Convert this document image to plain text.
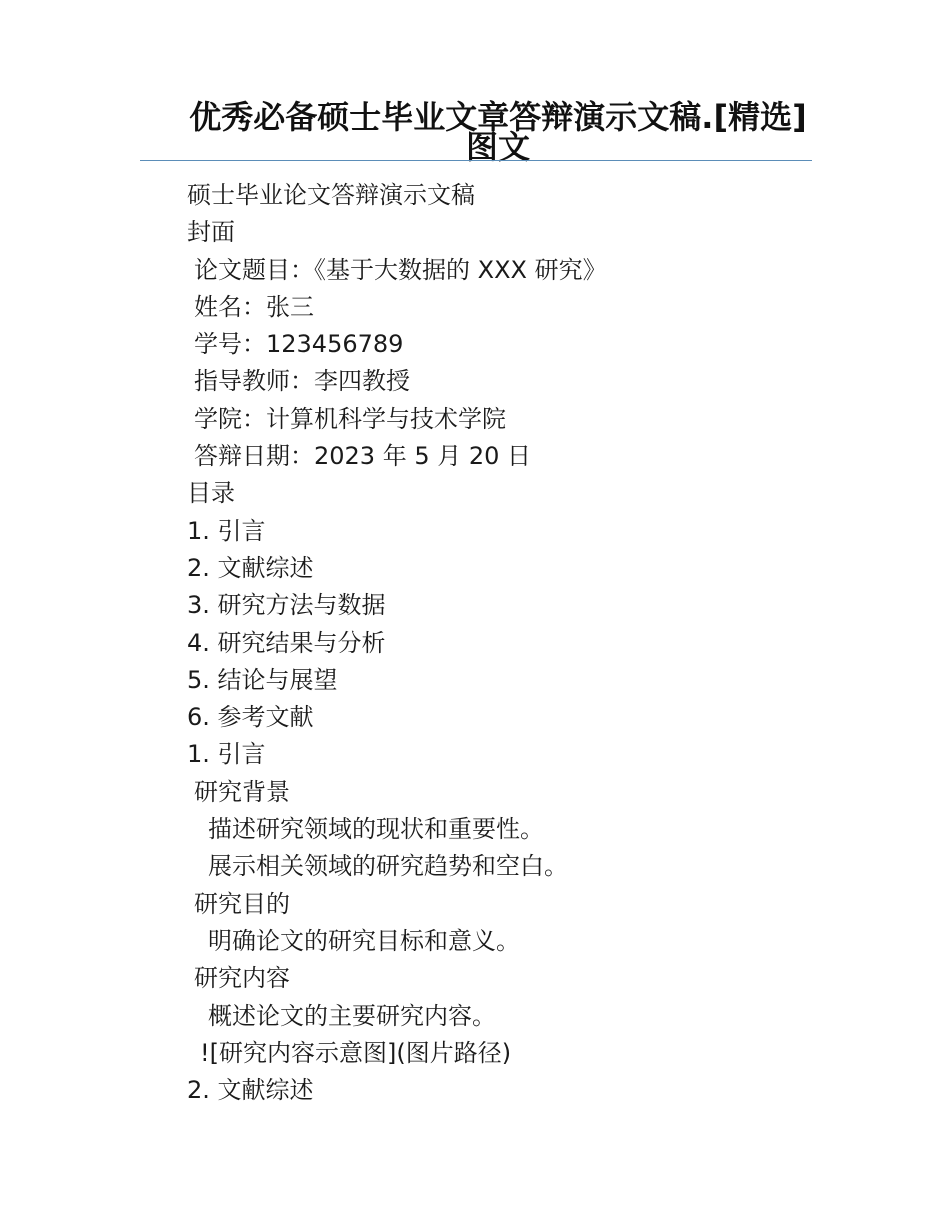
优秀必备硕士毕业文章答辩演示文稿.[精选]图文
硕士毕业论文答辩演示文稿
封面
论文题目：《基于大数据的 XXX 研究》
姓名：张三
学号：123456789
指导教师：李四教授
学院：计算机科学与技术学院
答辩日期：2023 年 5 月 20 日
目录
1. 引言
2. 文献综述
3. 研究方法与数据
4. 研究结果与分析
5. 结论与展望
6. 参考文献
1. 引言
研究背景
描述研究领域的现状和重要性。
展示相关领域的研究趋势和空白。
研究目的
明确论文的研究目标和意义。
研究内容
概述论文的主要研究内容。
![研究内容示意图](图片路径)
2. 文献综述
